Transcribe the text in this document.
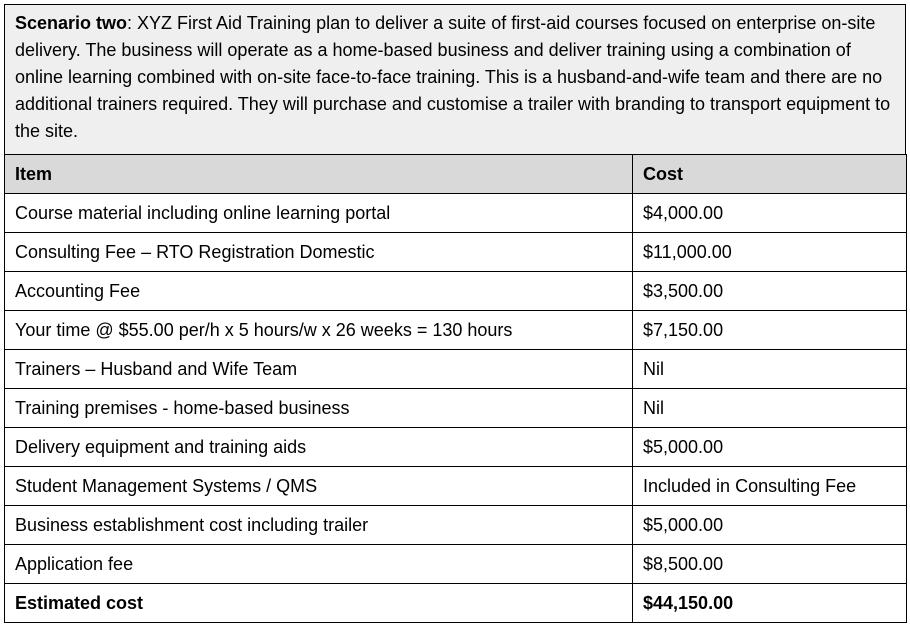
Scenario two: XYZ First Aid Training plan to deliver a suite of first-aid courses focused on enterprise on-site delivery. The business will operate as a home-based business and deliver training using a combination of online learning combined with on-site face-to-face training. This is a husband-and-wife team and there are no additional trainers required. They will purchase and customise a trailer with branding to transport equipment to the site.
Item	Cost
Course material including online learning portal	$4,000.00
Consulting Fee – RTO Registration Domestic	$11,000.00
Accounting Fee	$3,500.00
Your time @ $55.00 per/h x 5 hours/w x 26 weeks = 130 hours	$7,150.00
Trainers – Husband and Wife Team	Nil
Training premises - home-based business	Nil
Delivery equipment and training aids	$5,000.00
Student Management Systems / QMS	Included in Consulting Fee
Business establishment cost including trailer	$5,000.00
Application fee	$8,500.00
Estimated cost	$44,150.00
